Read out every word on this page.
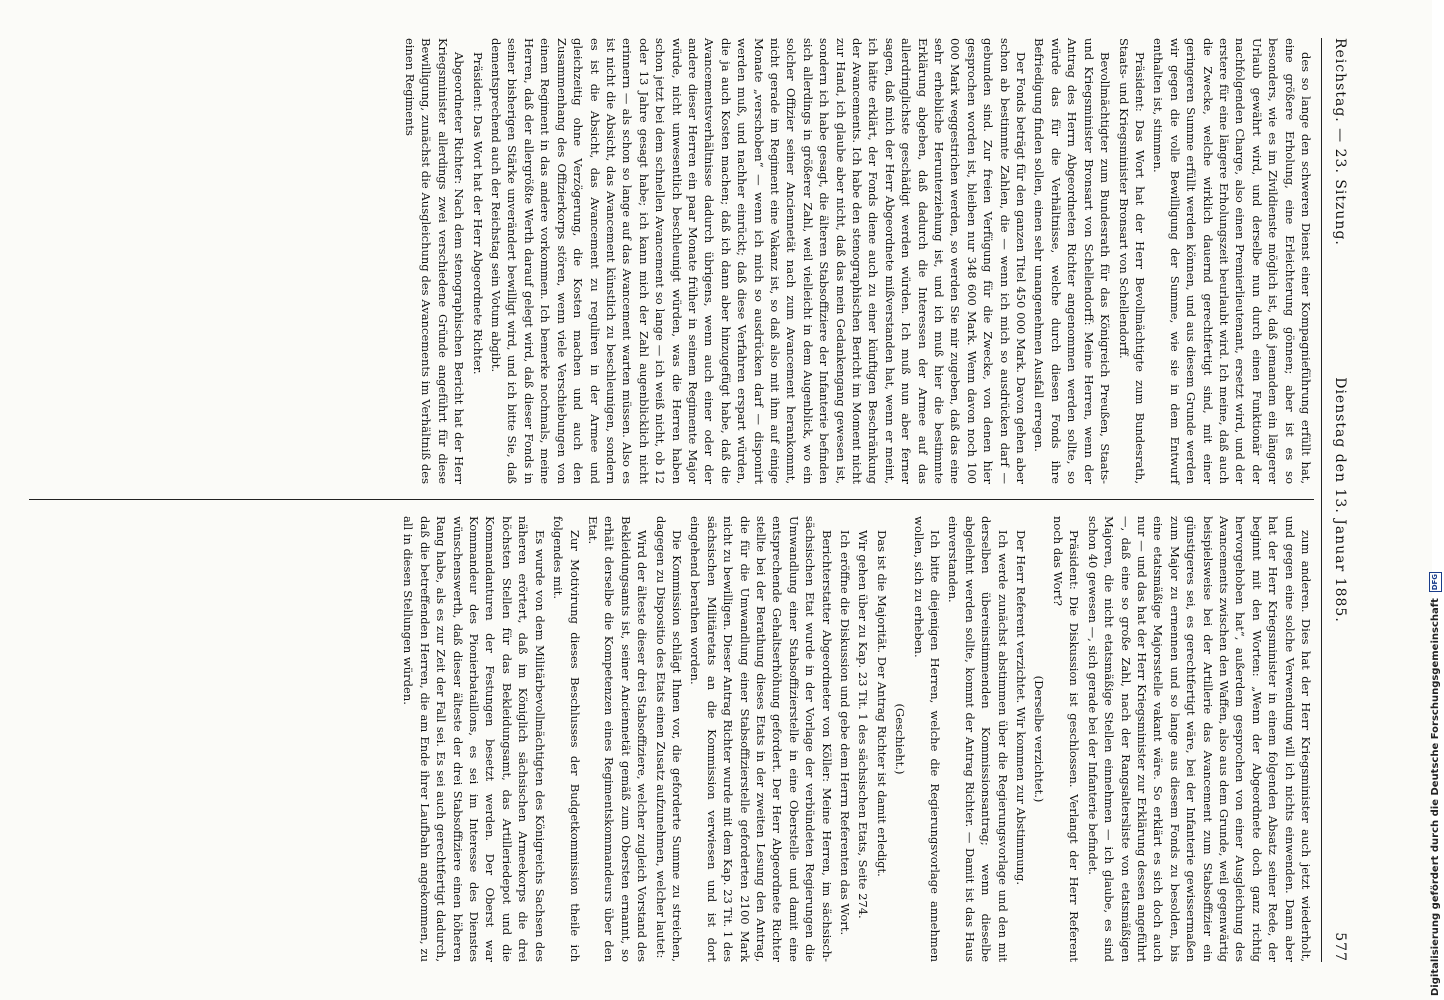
Reichstag. — 23. Sitzung.
Dienstag den 13. Januar 1885.
577

des so lange den schweren Dienst einer Kompagnieführung erfüllt hat, eine größere Erholung, eine Erleichterung gönnen; aber ist es so besonders, wie es im Zivildienste möglich ist, daß jemandem ein längerer Urlaub gewährt wird, und derselbe nun durch einen Funktionär der nachfolgenden Charge, also einen Premierlieutenant, ersetzt wird, und der erstere für eine längere Erholungszeit beurlaubt wird. Ich meine, daß auch die Zwecke, welche wirklich dauernd gerechtfertigt sind, mit einer geringeren Summe erfüllt werden können, und aus diesem Grunde werden wir gegen die volle Bewilligung der Summe, wie sie in dem Entwurf enthalten ist, stimmen.

Präsident: Das Wort hat der Herr Bevollmächtigte zum Bundesrath, Staats- und Kriegsminister Bronsart von Schellendorff.

Bevollmächtigter zum Bundesrath für das Königreich Preußen, Staats- und Kriegsminister Bronsart von Schellendorff: Meine Herren, wenn der Antrag des Herrn Abgeordneten Richter angenommen werden sollte, so würde das für die Verhältnisse, welche durch diesen Fonds ihre Befriedigung finden sollen, einen sehr unangenehmen Ausfall erregen.

Der Fonds beträgt für den ganzen Titel 450 000 Mark. Davon gehen aber schon ab bestimmte Zahlen, die — wenn ich mich so ausdrücken darf — gebunden sind. Zur freien Verfügung für die Zwecke, von denen hier gesprochen worden ist, bleiben nur 348 600 Mark. Wenn davon noch 100 000 Mark weggestrichen werden, so werden Sie mir zugeben, daß das eine sehr erhebliche Herunterziehung ist, und ich muß hier die bestimmte Erklärung abgeben, daß dadurch die Interessen der Armee auf das allerdringlichste geschädigt werden würden. Ich muß nun aber ferner sagen, daß mich der Herr Abgeordnete mißverstanden hat, wenn er meint, ich hätte erklärt, der Fonds diene auch zu einer künftigen Beschränkung der Avancements. Ich habe den stenographischen Bericht im Moment nicht zur Hand, ich glaube aber nicht, daß das mein Gedankengang gewesen ist, sondern ich habe gesagt, die älteren Stabsoffiziere der Infanterie befinden sich allerdings in größerer Zahl, weil vielleicht in dem Augenblick, wo ein solcher Offizier seiner Anciennetät nach zum Avancement herankommt, nicht gerade im Regiment eine Vakanz ist, so daß also mit ihm auf einige Monate „verschoben“ — wenn ich mich so ausdrücken darf — disponirt werden muß, und nachher einrückt; daß diese Verfahren erspart würden, die ja auch Kosten machen; daß ich dann aber hinzugefügt habe, daß die Avancementsverhältnisse dadurch übrigens, wenn auch einer oder der andere dieser Herren ein paar Monate früher in seinem Regimente Major würde, nicht unwesentlich beschleunigt würden, was die Herren haben schon jetzt bei dem schnellen Avancement so lange — ich weiß nicht, ob 12 oder 13 Jahre gesagt habe; ich kann mich der Zahl augenblicklich nicht erinnern — als schon so lange auf das Avancement warten müssen. Also es ist nicht die Absicht, das Avancement künstlich zu beschleunigen, sondern es ist die Absicht, das Avancement zu reguliren in der Armee und gleichzeitig ohne Verzögerung, die Kosten machen und auch den Zusammenhang des Offizierkorps stören, wenn viele Verschiebungen von einem Regiment in das andere vorkommen. Ich bemerke nochmals, meine Herren, daß der allergrößte Werth darauf gelegt wird, daß dieser Fonds in seiner bisherigen Stärke unverändert bewilligt wird, und ich bitte Sie, daß dementsprechend auch der Reichstag sein Votum abgibt.

Präsident: Das Wort hat der Herr Abgeordnete Richter.

Abgeordneter Richter: Nach dem stenographischen Bericht hat der Herr Kriegsminister allerdings zwei verschiedene Gründe angeführt für diese Bewilligung, zunächst die Ausgleichung des Avancements im Verhältniß des einen Regiments

zum anderen. Dies hat der Herr Kriegsminister auch jetzt wiederholt, und gegen eine solche Verwendung will ich nichts einwenden. Dann aber hat der Herr Kriegsminister in einem folgenden Absatz seiner Rede, der beginnt mit den Worten: „Wenn der Abgeordnete doch ganz richtig hervorgehoben hat“, außerdem gesprochen von einer Ausgleichung des Avancements zwischen den Waffen, also aus dem Grunde, weil gegenwärtig beispielsweise bei der Artillerie das Avancement zum Stabsoffizier ein günstigeres sei, es gerechtfertigt wäre, bei der Infanterie gewissermaßen zum Major zu ernennen und so lange aus diesem Fonds zu besolden, bis eine etatsmäßige Majorsstelle vakant wäre. So erklärt es sich doch auch nur — und das hat der Herr Kriegsminister zur Erklärung dessen angeführt —, daß eine so große Zahl, nach der Rangsaltersliste von etatsmäßigen Majoren, die nicht etatsmäßige Stellen einnehmen — ich glaube, es sind schon 40 gewesen —, sich gerade bei der Infanterie befindet.

Präsident: Die Diskussion ist geschlossen. Verlangt der Herr Referent noch das Wort?

(Derselbe verzichtet.)

Der Herr Referent verzichtet. Wir kommen zur Abstimmung.

Ich werde zunächst abstimmen über die Regierungsvorlage und den mit derselben übereinstimmenden Kommissionsantrag; wenn dieselbe abgelehnt werden sollte, kommt der Antrag Richter. — Damit ist das Haus einverstanden.

Ich bitte diejenigen Herren, welche die Regierungsvorlage annehmen wollen, sich zu erheben.

(Geschieht.)

Das ist die Majorität. Der Antrag Richter ist damit erledigt.

Wir gehen über zu Kap. 23 Tit. 1 des sächsischen Etats, Seite 274.

Ich eröffne die Diskussion und gebe dem Herrn Referenten das Wort.

Berichterstatter Abgeordneter von Köller: Meine Herren, im sächsisch-sächsischen Etat wurde in der Vorlage der verbündeten Regierungen die Umwandlung einer Stabsoffizierstelle in eine Oberstelle und damit eine entsprechende Gehaltserhöhung gefordert. Der Herr Abgeordnete Richter stellte bei der Berathung dieses Etats in der zweiten Lesung den Antrag, die für die Umwandlung einer Stabsoffizierstelle geforderten 2100 Mark nicht zu bewilligen. Dieser Antrag Richter wurde mit dem Kap. 23 Tit. 1 des sächsischen Militäretats an die Kommission verwiesen und ist dort eingehend berathen worden.

Die Kommission schlägt Ihnen vor, die geforderte Summe zu streichen, dagegen zu Dispositio des Etats einen Zusatz aufzunehmen, welcher lautet:

Wird der älteste dieser drei Stabsoffiziere, welcher zugleich Vorstand des Bekleidungsamts ist, seiner Anciennetät gemäß zum Obersten ernannt, so erhält derselbe die Kompetenzen eines Regimentskommandeurs über den Etat.

Zur Motivirung dieses Beschlusses der Budgetkommission theile ich folgendes mit.

Es wurde von dem Militärbevollmächtigten des Königreichs Sachsen des näheren erörtert, daß im Königlich sächsischen Armeekorps die drei höchsten Stellen für das Bekleidungsamt, das Artilleriedepot und die Kommandanturen der Festungen besetzt werden. Der Oberst war Kommandeur des Pionierbataillons, es sei im Interesse des Dienstes wünschenswerth, daß dieser älteste der drei Stabsoffiziere einen höheren Rang habe, als es zur Zeit der Fall sei. Es sei auch gerechtfertigt dadurch, daß die betreffenden Herren, die am Ende ihrer Laufbahn angekommen, zu all in diesen Stellungen würden.	Digitalisierung gefördert durch die Deutsche Forschungsgemeinschaft
DFG
